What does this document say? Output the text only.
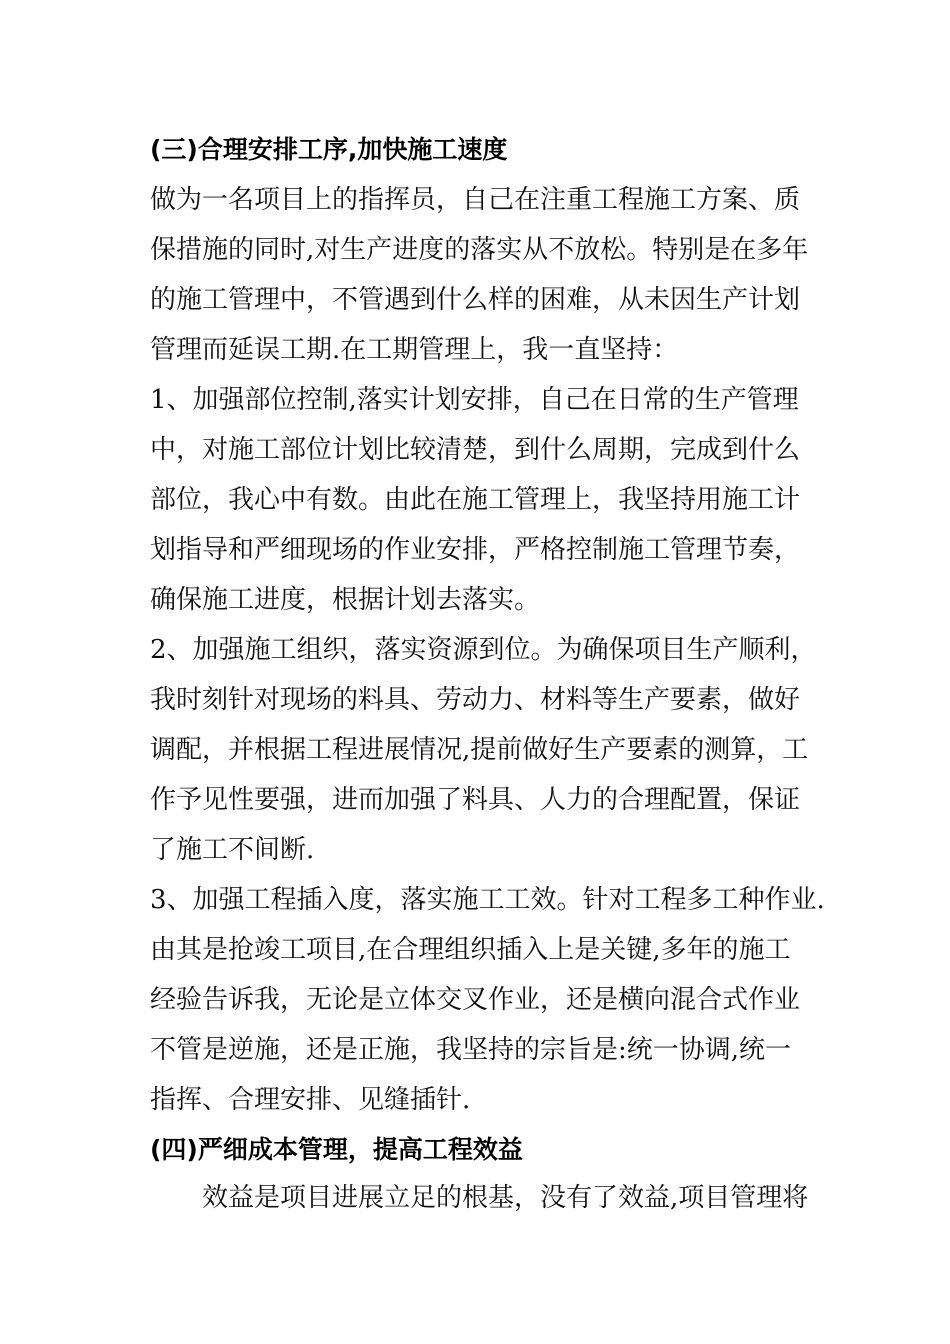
(三)合理安排工序,加快施工速度
做为一名项目上的指挥员，自己在注重工程施工方案、质
保措施的同时,对生产进度的落实从不放松。特别是在多年
的施工管理中，不管遇到什么样的困难，从未因生产计划
管理而延误工期.在工期管理上，我一直坚持：
1、加强部位控制,落实计划安排，自己在日常的生产管理
中，对施工部位计划比较清楚，到什么周期，完成到什么
部位，我心中有数。由此在施工管理上，我坚持用施工计
划指导和严细现场的作业安排，严格控制施工管理节奏，
确保施工进度，根据计划去落实。
2、加强施工组织，落实资源到位。为确保项目生产顺利，
我时刻针对现场的料具、劳动力、材料等生产要素，做好
调配，并根据工程进展情况,提前做好生产要素的测算，工
作予见性要强，进而加强了料具、人力的合理配置，保证
了施工不间断.
3、加强工程插入度，落实施工工效。针对工程多工种作业.
由其是抢竣工项目,在合理组织插入上是关键,多年的施工
经验告诉我，无论是立体交叉作业，还是横向混合式作业
不管是逆施，还是正施，我坚持的宗旨是:统一协调,统一
指挥、合理安排、见缝插针.
(四)严细成本管理，提高工程效益
效益是项目进展立足的根基，没有了效益,项目管理将
